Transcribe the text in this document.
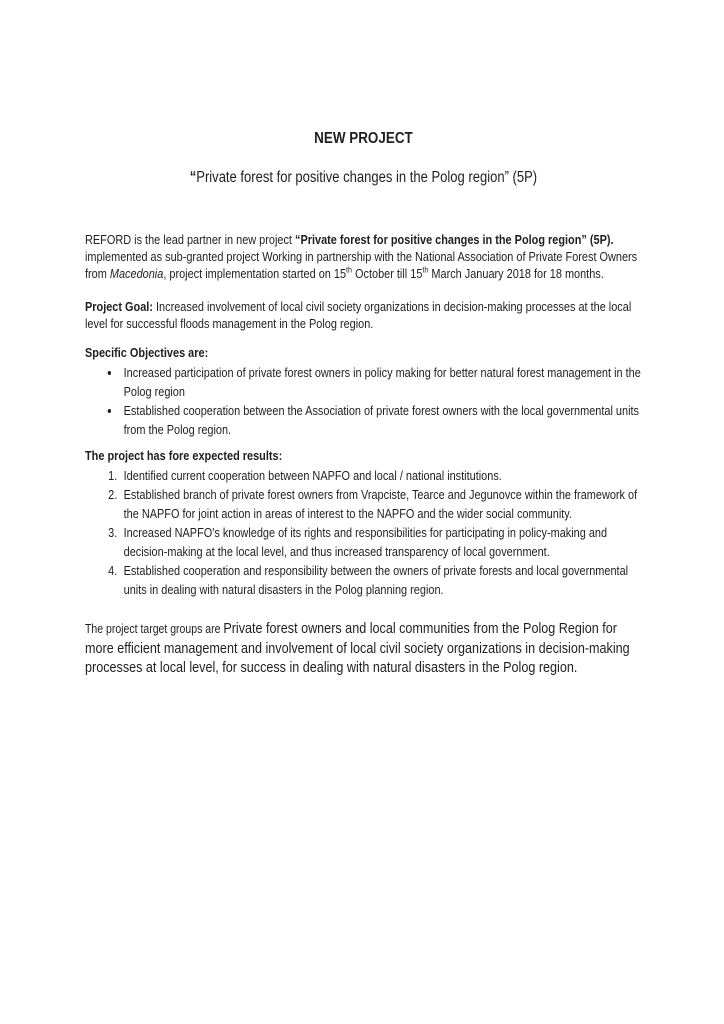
NEW PROJECT
“Private forest for positive changes in the Polog region” (5P)

REFORD is the lead partner in new project “Private forest for positive changes in the Polog region” (5P). implemented as sub-granted project Working in partnership with the National Association of Private Forest Owners from Macedonia, project implementation started on 15th October till 15th March January 2018 for 18 months.

Project Goal: Increased involvement of local civil society organizations in decision-making processes at the local level for successful floods management in the Polog region.

Specific Objectives are:
• Increased participation of private forest owners in policy making for better natural forest management in the Polog region
• Established cooperation between the Association of private forest owners with the local governmental units from the Polog region.
The project has fore expected results:
1. Identified current cooperation between NAPFO and local / national institutions.
2. Established branch of private forest owners from Vrapciste, Tearce and Jegunovce within the framework of the NAPFO for joint action in areas of interest to the NAPFO and the wider social community.
3. Increased NAPFO's knowledge of its rights and responsibilities for participating in policy-making and decision-making at the local level, and thus increased transparency of local government.
4. Established cooperation and responsibility between the owners of private forests and local governmental units in dealing with natural disasters in the Polog planning region.

The project target groups are Private forest owners and local communities from the Polog Region for more efficient management and involvement of local civil society organizations in decision-making processes at local level, for success in dealing with natural disasters in the Polog region.
